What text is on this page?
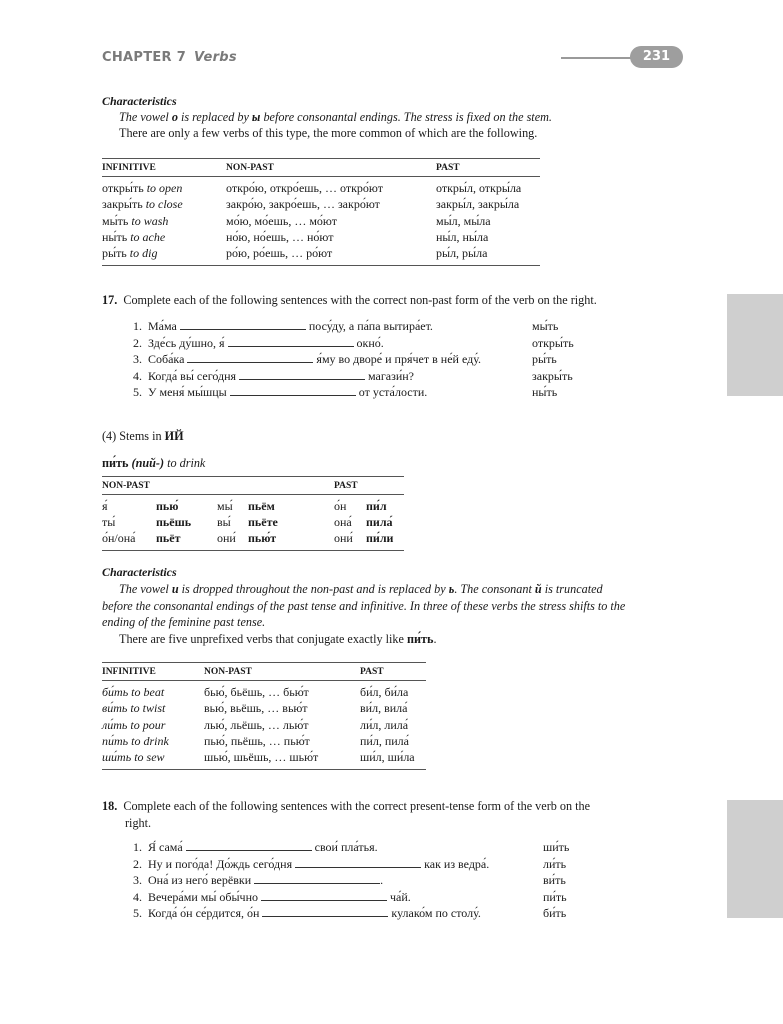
CHAPTER 7 Verbs	231
Characteristics
The vowel о is replaced by ы before consonantal endings. The stress is fixed on the stem.
There are only a few verbs of this type, the more common of which are the following.
INFINITIVE	NON-PAST	PAST
откры́ть to open	откро́ю, откро́ешь, … откро́ют	откры́л, откры́ла
закры́ть to close	закро́ю, закро́ешь, … закро́ют	закры́л, закры́ла
мы́ть to wash	мо́ю, мо́ешь, … мо́ют	мы́л, мы́ла
ны́ть to ache	но́ю, но́ешь, … но́ют	ны́л, ны́ла
ры́ть to dig	ро́ю, ро́ешь, … ро́ют	ры́л, ры́ла
17. Complete each of the following sentences with the correct non-past form of the verb on the right.
1. Ма́ма	посу́ду, а па́па вытира́ет.	мы́ть
2. Зде́сь ду́шно, я́	окно́.	откры́ть
3. Соба́ка	я́му во дворе́ и пря́чет в не́й еду́.	ры́ть
4. Когда́ вы́ сего́дня	магази́н?	закры́ть
5. У меня́ мы́шцы	от уста́лости.	ны́ть
(4) Stems in ИЙ
пи́ть (пий-) to drink
NON-PAST				PAST	
я́	пью́	мы́	пьём	о́н	пи́л
ты́	пьёшь	вы́	пьёте	она́	пила́
о́н/она́	пьёт	они́	пью́т	они́	пи́ли
Characteristics
The vowel и is dropped throughout the non-past and is replaced by ь. The consonant й is truncated
before the consonantal endings of the past tense and infinitive. In three of these verbs the stress shifts to the
ending of the feminine past tense.
There are five unprefixed verbs that conjugate exactly like пи́ть.
INFINITIVE	NON-PAST	PAST
би́ть to beat	бью́, бьёшь, … бью́т	би́л, би́ла
ви́ть to twist	вью́, вьёшь, … вью́т	ви́л, вила́
ли́ть to pour	лью́, льёшь, … лью́т	ли́л, лила́
пи́ть to drink	пью́, пьёшь, … пью́т	пи́л, пила́
ши́ть to sew	шью́, шьёшь, … шью́т	ши́л, ши́ла
18. Complete each of the following sentences with the correct present-tense form of the verb on the
right.
1. Я́ сама́	свои́ пла́тья.	ши́ть
2. Ну и пого́да! До́ждь сего́дня	как из ведра́.	ли́ть
3. Она́ из него́ верёвки	.	ви́ть
4. Вечера́ми мы́ обы́чно	ча́й.	пи́ть
5. Когда́ о́н се́рдится, о́н	кулако́м по столу́.	би́ть
